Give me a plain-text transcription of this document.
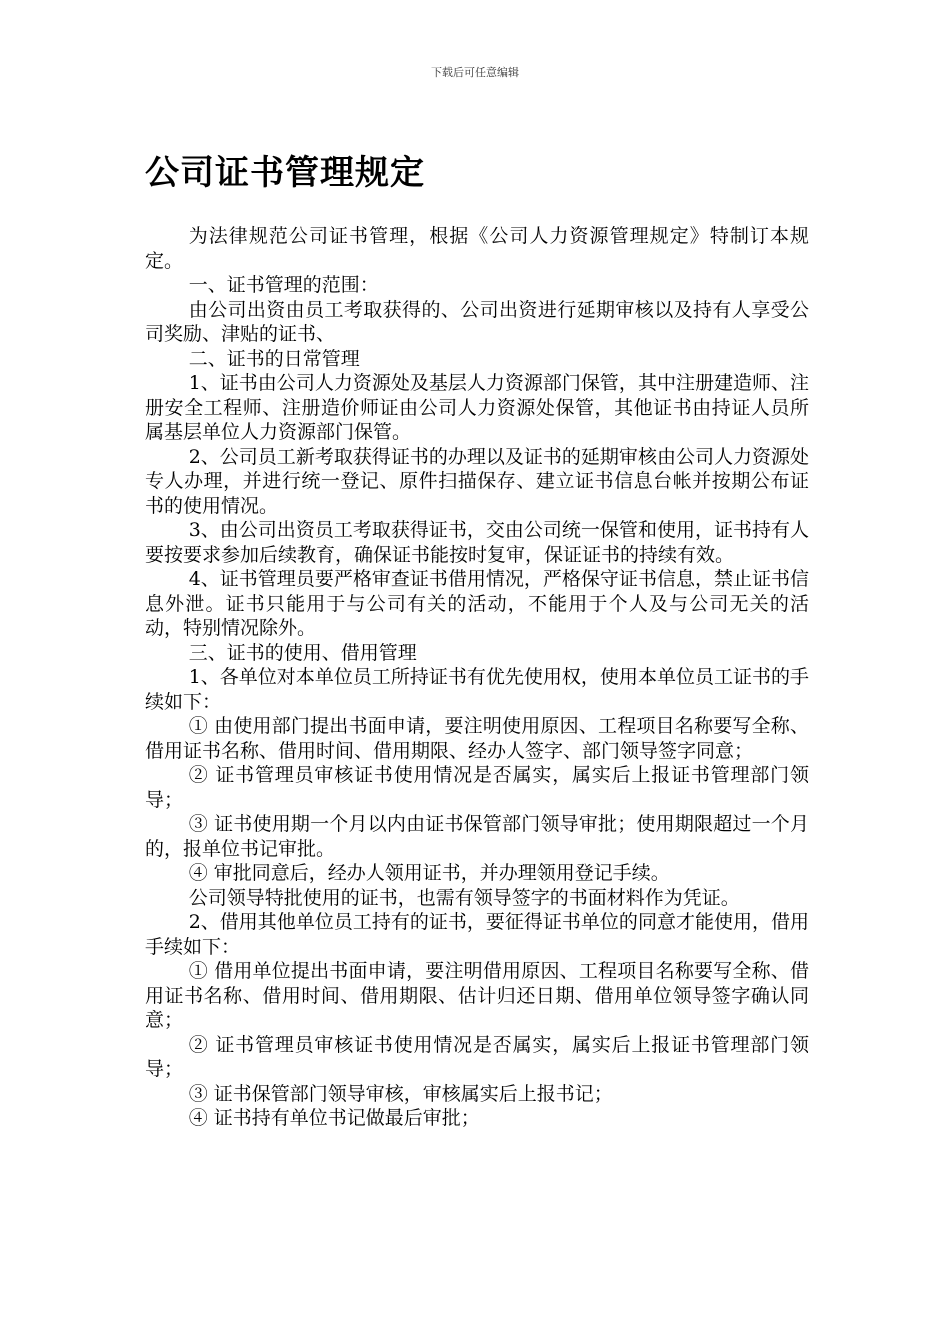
下载后可任意编辑
公司证书管理规定

为法律规范公司证书管理，根据《公司人力资源管理规定》特制订本规定。

一、证书管理的范围：

由公司出资由员工考取获得的、公司出资进行延期审核以及持有人享受公司奖励、津贴的证书、

二、证书的日常管理

1、证书由公司人力资源处及基层人力资源部门保管，其中注册建造师、注册安全工程师、注册造价师证由公司人力资源处保管，其他证书由持证人员所属基层单位人力资源部门保管。

2、公司员工新考取获得证书的办理以及证书的延期审核由公司人力资源处专人办理，并进行统一登记、原件扫描保存、建立证书信息台帐并按期公布证书的使用情况。

3、由公司出资员工考取获得证书，交由公司统一保管和使用，证书持有人要按要求参加后续教育，确保证书能按时复审，保证证书的持续有效。

4、证书管理员要严格审查证书借用情况，严格保守证书信息，禁止证书信息外泄。证书只能用于与公司有关的活动，不能用于个人及与公司无关的活动，特别情况除外。

三、证书的使用、借用管理

1、各单位对本单位员工所持证书有优先使用权，使用本单位员工证书的手续如下：

① 由使用部门提出书面申请，要注明使用原因、工程项目名称要写全称、借用证书名称、借用时间、借用期限、经办人签字、部门领导签字同意；

② 证书管理员审核证书使用情况是否属实，属实后上报证书管理部门领导；

③ 证书使用期一个月以内由证书保管部门领导审批；使用期限超过一个月的，报单位书记审批。

④ 审批同意后，经办人领用证书，并办理领用登记手续。

公司领导特批使用的证书，也需有领导签字的书面材料作为凭证。

2、借用其他单位员工持有的证书，要征得证书单位的同意才能使用，借用手续如下：

① 借用单位提出书面申请，要注明借用原因、工程项目名称要写全称、借用证书名称、借用时间、借用期限、估计归还日期、借用单位领导签字确认同意；

② 证书管理员审核证书使用情况是否属实，属实后上报证书管理部门领导；

③ 证书保管部门领导审核，审核属实后上报书记；

④ 证书持有单位书记做最后审批；
